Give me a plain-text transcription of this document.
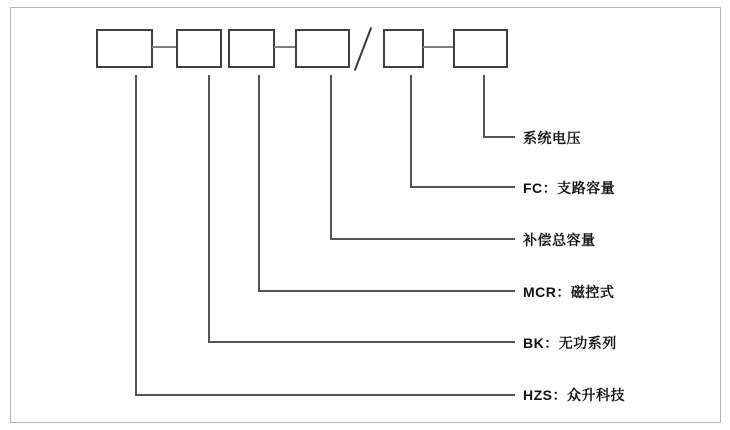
系统电压
FC：支路容量
补偿总容量
MCR：磁控式
BK：无功系列
HZS：众升科技
